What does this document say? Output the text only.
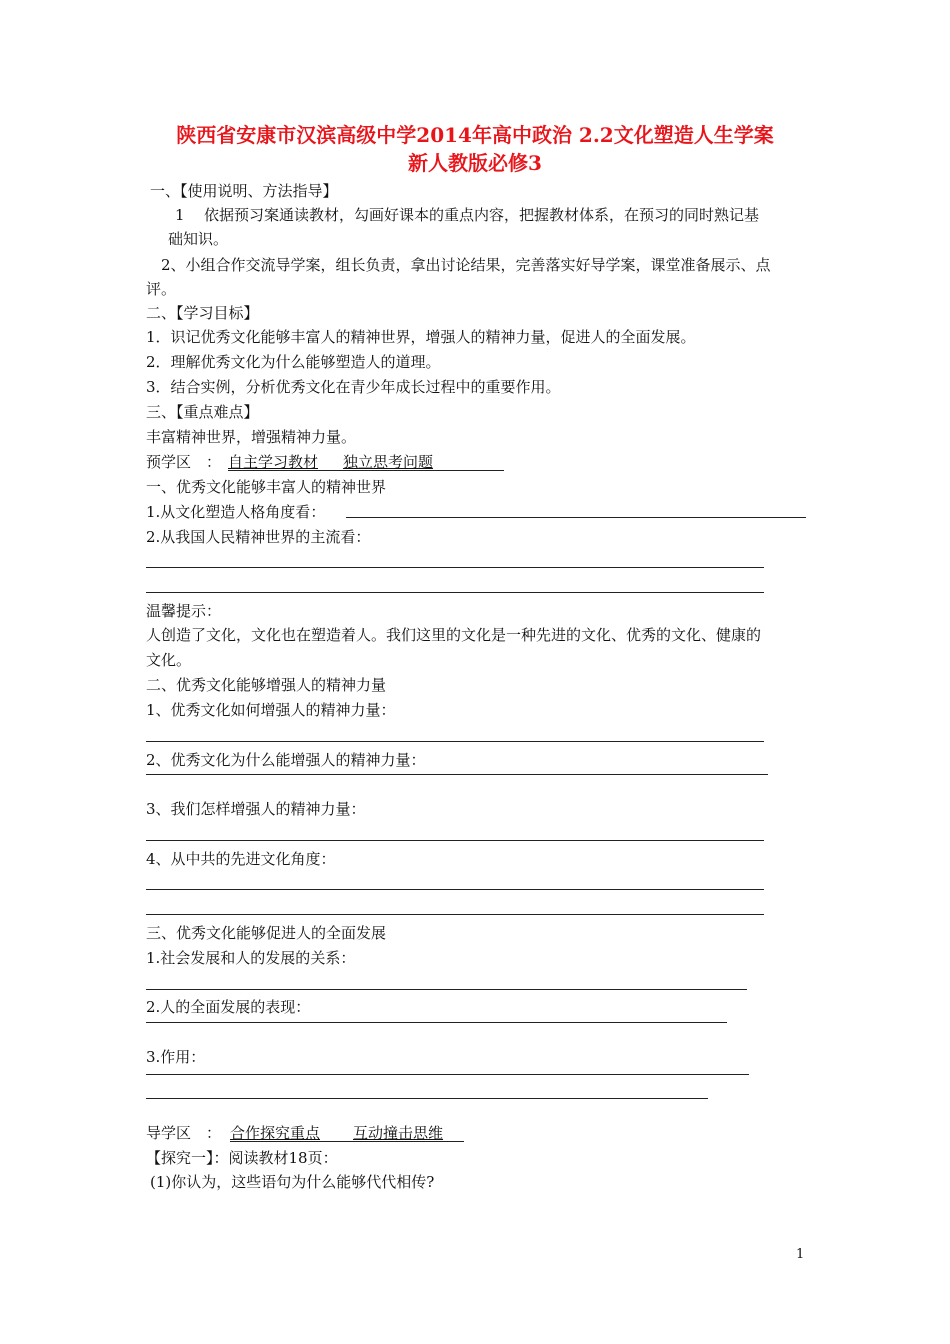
陕西省安康市汉滨高级中学2014年高中政治 2.2文化塑造人生学案
新人教版必修3
一、【使用说明、方法指导】
1 依据预习案通读教材，勾画好课本的重点内容，把握教材体系，在预习的同时熟记基
础知识。
2、小组合作交流导学案，组长负责，拿出讨论结果，完善落实好导学案，课堂准备展示、点
评。
二、【学习目标】
1．识记优秀文化能够丰富人的精神世界，增强人的精神力量，促进人的全面发展。
2．理解优秀文化为什么能够塑造人的道理。
3．结合实例，分析优秀文化在青少年成长过程中的重要作用。
三、【重点难点】
丰富精神世界，增强精神力量。
预学区　： 自主学习教材 独立思考问题
一、优秀文化能够丰富人的精神世界
1.从文化塑造人格角度看：
2.从我国人民精神世界的主流看：
温馨提示：
人创造了文化，文化也在塑造着人。我们这里的文化是一种先进的文化、优秀的文化、健康的
文化。
二、优秀文化能够增强人的精神力量
1、优秀文化如何增强人的精神力量：
2、优秀文化为什么能增强人的精神力量：
3、我们怎样增强人的精神力量：
4、从中共的先进文化角度：
三、优秀文化能够促进人的全面发展
1.社会发展和人的发展的关系：
2.人的全面发展的表现：
3.作用：
导学区　： 合作探究重点 互动撞击思维
【探究一】：阅读教材18页：
(1)你认为，这些语句为什么能够代代相传?
1
